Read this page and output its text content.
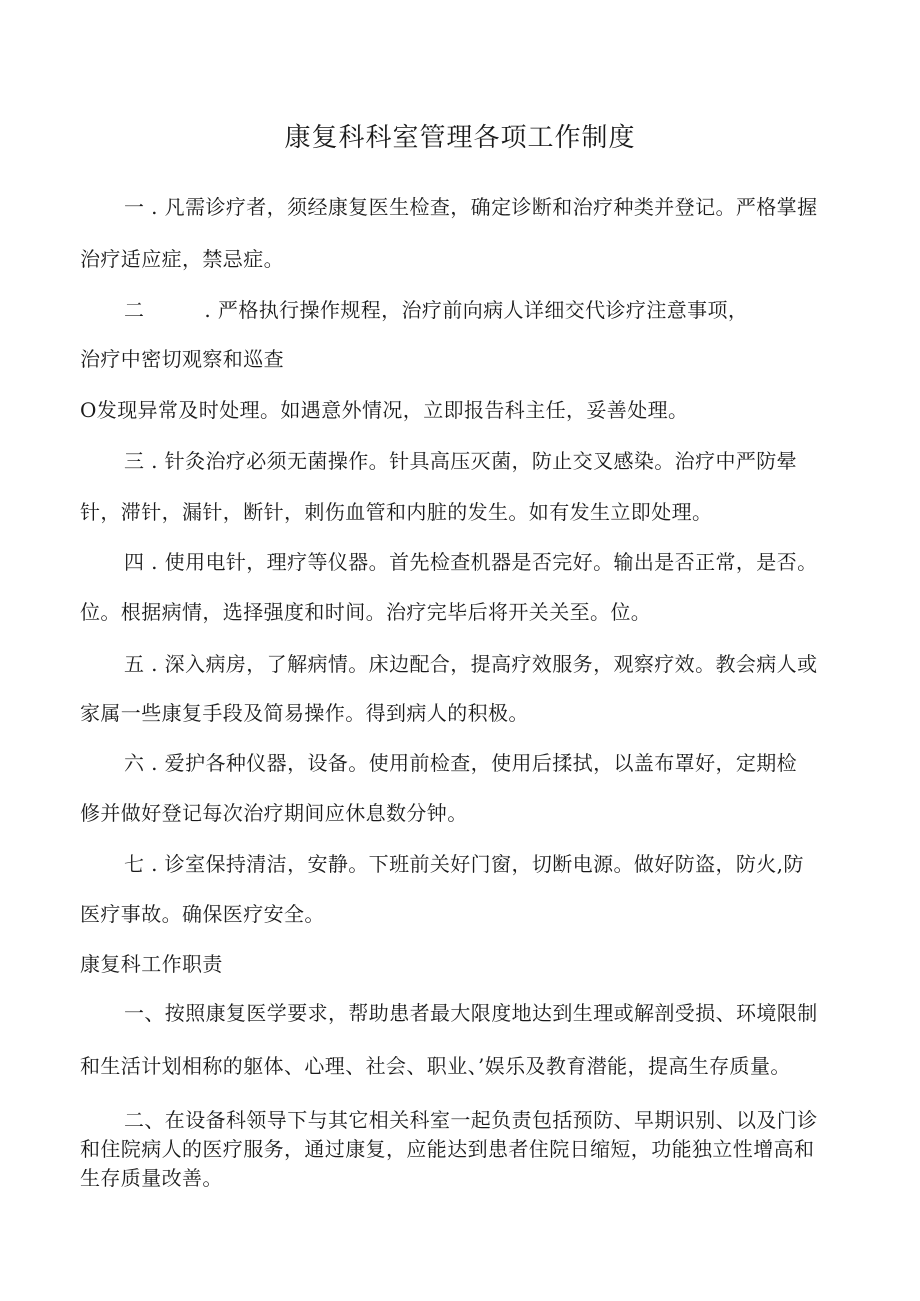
康复科科室管理各项工作制度
一 . 凡需诊疗者，须经康复医生检查，确定诊断和治疗种类并登记。严格掌握
治疗适应症，禁忌症。
二	. 严格执行操作规程，治疗前向病人详细交代诊疗注意事项，
治疗中密切观察和巡查
O发现异常及时处理。如遇意外情况，立即报告科主任，妥善处理。
三 . 针灸治疗必须无菌操作。针具高压灭菌，防止交叉感染。治疗中严防晕
针，滞针，漏针，断针，刺伤血管和内脏的发生。如有发生立即处理。
四 . 使用电针，理疗等仪器。首先检查机器是否完好。输出是否正常，是否。
位。根据病情，选择强度和时间。治疗完毕后将开关关至。位。
五 . 深入病房，了解病情。床边配合，提高疗效服务，观察疗效。教会病人或
家属一些康复手段及简易操作。得到病人的积极。
六 . 爱护各种仪器，设备。使用前检查，使用后揉拭，以盖布罩好，定期检
修并做好登记每次治疗期间应休息数分钟。
七 . 诊室保持清洁，安静。下班前关好门窗，切断电源。做好防盗，防火,防
医疗事故。确保医疗安全。
康复科工作职责
一、按照康复医学要求，帮助患者最大限度地达到生理或解剖受损、环境限制
和生活计划相称的躯体、心理、社会、职业、’娱乐及教育潜能，提高生存质量。
二、在设备科领导下与其它相关科室一起负责包括预防、早期识别、以及门诊
和住院病人的医疗服务，通过康复，应能达到患者住院日缩短，功能独立性增高和
生存质量改善。
